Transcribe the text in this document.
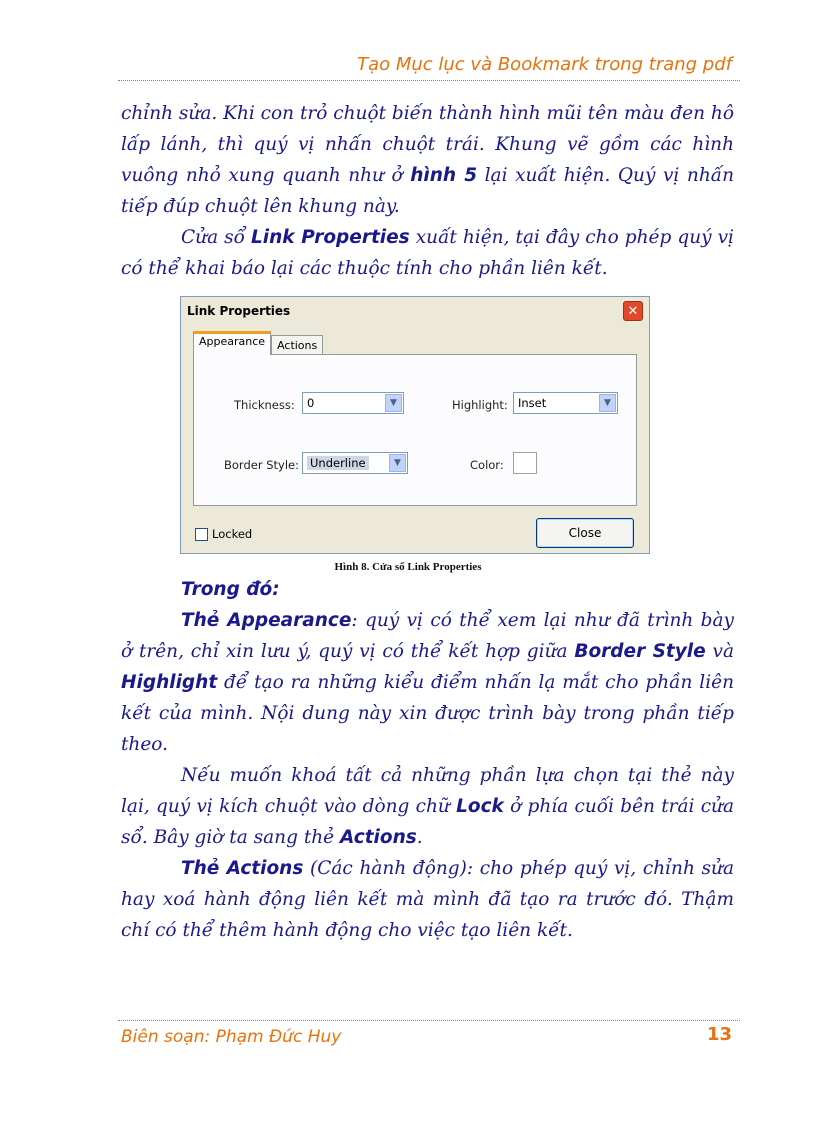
Tạo Mục lục và Bookmark trong trang pdf

chỉnh sửa. Khi con trỏ chuột biến thành hình mũi tên màu đen hô lấp lánh, thì quý vị nhấn chuột trái. Khung vẽ gồm các hình vuông nhỏ xung quanh như ở hình 5 lại xuất hiện. Quý vị nhấn tiếp đúp chuột lên khung này.

Cửa sổ Link Properties xuất hiện, tại đây cho phép quý vị có thể khai báo lại các thuộc tính cho phần liên kết.

Link Properties	✕
Appearance	Actions
Thickness: 0	▼	Highlight: Inset	▼
Border Style: Underline	▼	Color:
Locked	Close
Hình 8. Cửa sổ Link Properties

Trong đó:

Thẻ Appearance: quý vị có thể xem lại như đã trình bày ở trên, chỉ xin lưu ý, quý vị có thể kết hợp giữa Border Style và Highlight để tạo ra những kiểu điểm nhấn lạ mắt cho phần liên kết của mình. Nội dung này xin được trình bày trong phần tiếp theo.

Nếu muốn khoá tất cả những phần lựa chọn tại thẻ này lại, quý vị kích chuột vào dòng chữ Lock ở phía cuối bên trái cửa sổ. Bây giờ ta sang thẻ Actions.

Thẻ Actions (Các hành động): cho phép quý vị, chỉnh sửa hay xoá hành động liên kết mà mình đã tạo ra trước đó. Thậm chí có thể thêm hành động cho việc tạo liên kết.

Biên soạn: Phạm Đức Huy	13
